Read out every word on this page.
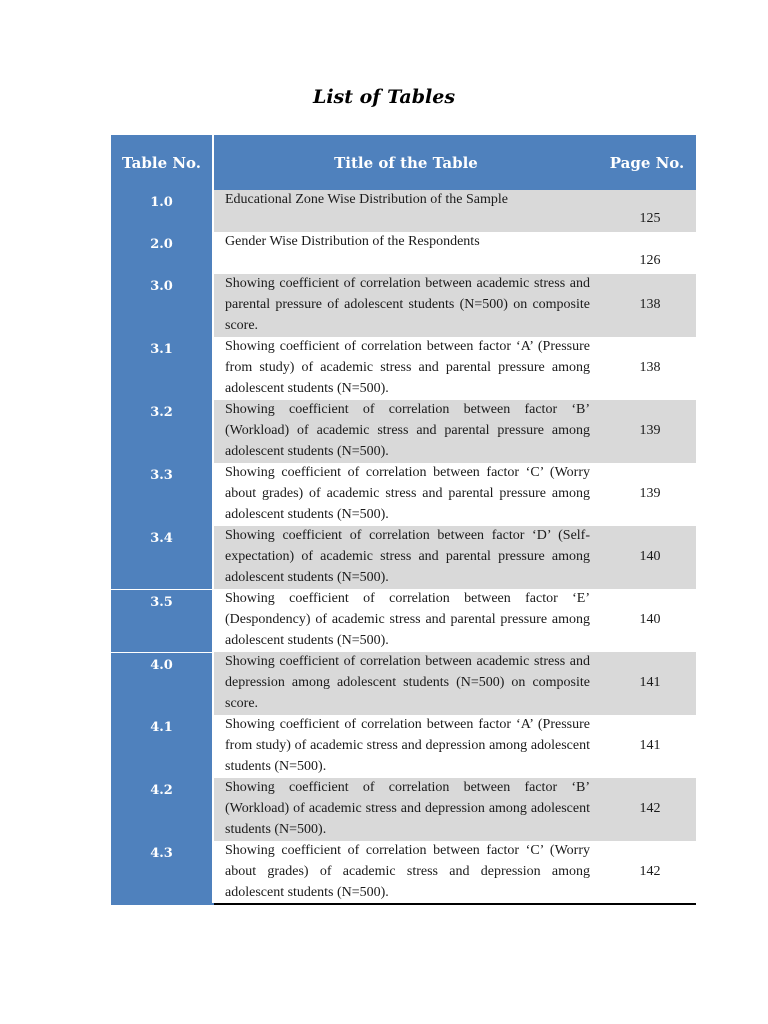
List of Tables
Table No.	Title of the Table	Page No.
1.0	Educational Zone Wise Distribution of the Sample	125
2.0	Gender Wise Distribution of the Respondents	126
3.0	Showing coefficient of correlation between academic stress and parental pressure of adolescent students (N=500) on composite score.	138
3.1	Showing coefficient of correlation between factor ‘A’ (Pressure from study) of academic stress and parental pressure among adolescent students (N=500).	138
3.2	Showing coefficient of correlation between factor ‘B’ (Workload) of academic stress and parental pressure among adolescent students (N=500).	139
3.3	Showing coefficient of correlation between factor ‘C’ (Worry about grades) of academic stress and parental pressure among adolescent students (N=500).	139
3.4	Showing coefficient of correlation between factor ‘D’ (Self-expectation) of academic stress and parental pressure among adolescent students (N=500).	140
3.5	Showing coefficient of correlation between factor ‘E’ (Despondency) of academic stress and parental pressure among adolescent students (N=500).	140
4.0	Showing coefficient of correlation between academic stress and depression among adolescent students (N=500) on composite score.	141
4.1	Showing coefficient of correlation between factor ‘A’ (Pressure from study) of academic stress and depression among adolescent students (N=500).	141
4.2	Showing coefficient of correlation between factor ‘B’ (Workload) of academic stress and depression among adolescent students (N=500).	142
4.3	Showing coefficient of correlation between factor ‘C’ (Worry about grades) of academic stress and depression among adolescent students (N=500).	142
